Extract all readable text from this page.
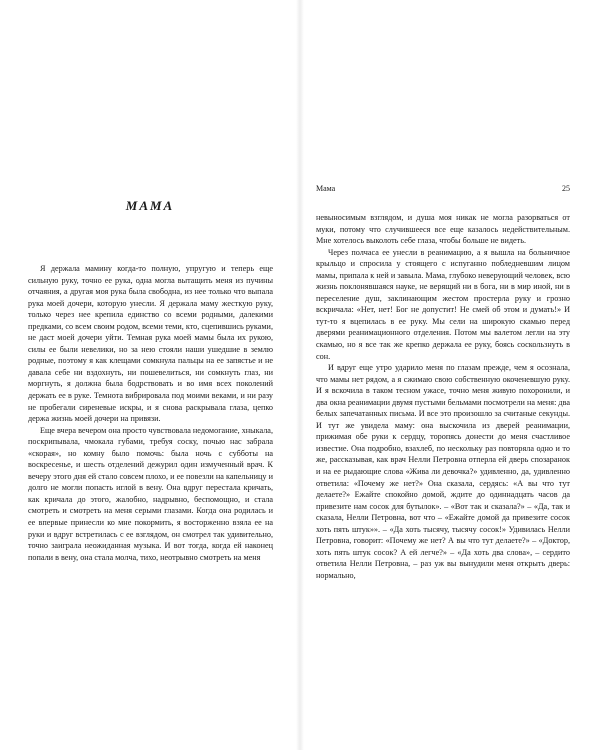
МАМА

Я держала мамину когда-то полную, упругую и теперь еще сильную руку, точно ее рука, одна могла вытащить меня из пучины отчаяния, а другая моя рука была свободна, из нее только что выпала рука моей дочери, которую унесли. Я держала маму жесткую руку, только через нее крепила единство со всеми родными, далекими предками, со всем своим родом, всеми теми, кто, сцепившись руками, не даст моей дочери уйти. Темная рука моей мамы была их рукою, силы ее были невелики, но за нею стояли наши ушедшие в землю родные, поэтому я как клещами сомкнула пальцы на ее запястье и не давала себе ни вздохнуть, ни пошевелиться, ни сомкнуть глаз, ни моргнуть, я должна была бодрствовать и во имя всех поколений держать ее в руке. Темнота вибрировала под моими веками, и ни разу не пробегали сиреневые искры, и я снова раскрывала глаза, цепко держа жизнь моей дочери на привязи.

Еще вчера вечером она просто чувствовала недомогание, хныкала, поскрипывала, чмокала губами, требуя соску, почью нас забрала «скорая», но комну было помочь: была ночь с субботы на воскресенье, и шесть отделений дежурил один измученный врач. К вечеру этого дня ей стало совсем плохо, и ее повезли на капельницу и долго не могли попасть иглой в вену. Она вдруг перестала кричать, как кричала до этого, жалобно, надрывно, беспомощно, и стала смотреть и смотреть на меня серыми глазами. Когда она родилась и ее впервые принесли ко мне покормить, я восторженно взяла ее на руки и вдруг встретилась с ее взглядом, он смотрел так удивительно, точно заиграла неожиданная музыка. И вот тогда, когда ей наконец попали в вену, она стала молча, тихо, неотрывно смотреть на меня

Мама	25

невыносимым взглядом, и душа моя никак не могла разорваться от муки, потому что случившееся все еще казалось недействительным. Мне хотелось выколоть себе глаза, чтобы больше не видеть.

Через полчаса ее унесли в реанимацию, а я вышла на больничное крыльцо и спросила у стоящего с испуганно побледневшим лицом мамы, припала к ней и завыла. Мама, глубоко неверующий человек, всю жизнь поклонявшаяся науке, не верящий ни в бога, ни в мир иной, ни в переселение душ, заклинающим жестом простерла руку и грозно вскричала: «Нет, нет! Бог не допустит! Не смей об этом и думать!» И тут-то я вцепилась в ее руку. Мы сели на широкую скамью перед дверями реанимационного отделения. Потом мы валетом легли на эту скамью, но я все так же крепко держала ее руку, боясь соскользнуть в сон.

И вдруг еще утро ударило меня по глазам прежде, чем я осознала, что мамы нет рядом, а я сжимаю свою собственную окоченевшую руку. И я вскочила в таком тесном ужасе, точно меня живую похоронили, и два окна реанимации двумя пустыми бельмами посмотрели на меня: два белых запечатанных письма. И все это произошло за считаные секунды. И тут же увидела маму: она выскочила из дверей реанимации, прижимая обе руки к сердцу, торопясь донести до меня счастливое известие. Она подробно, взахлеб, по нескольку раз повторяла одно и то же, рассказывая, как врач Нелли Петровна отперла ей дверь спозаранок и на ее рыдающие слова «Жива ли девочка?» удивленно, да, удивленно ответила: «Почему же нет?» Она сказала, сердясь: «А вы что тут делаете?» Ежайте спокойно домой, ждите до одиннадцать часов да привезите нам сосок для бутылок». – «Вот так и сказала?» – «Да, так и сказала, Нелли Петровна, вот что – «Ежайте домой да привезите сосок хоть пять штук»». – «Да хоть тысячу, тысячу сосок!» Удивилась Нелли Петровна, говорит: «Почему же нет? А вы что тут делаете?» – «Доктор, хоть пять штук сосок? А ей легче?» – «Да хоть два слова», – сердито ответила Нелли Петровна, – раз уж вы вынудили меня открыть дверь: нормально,
